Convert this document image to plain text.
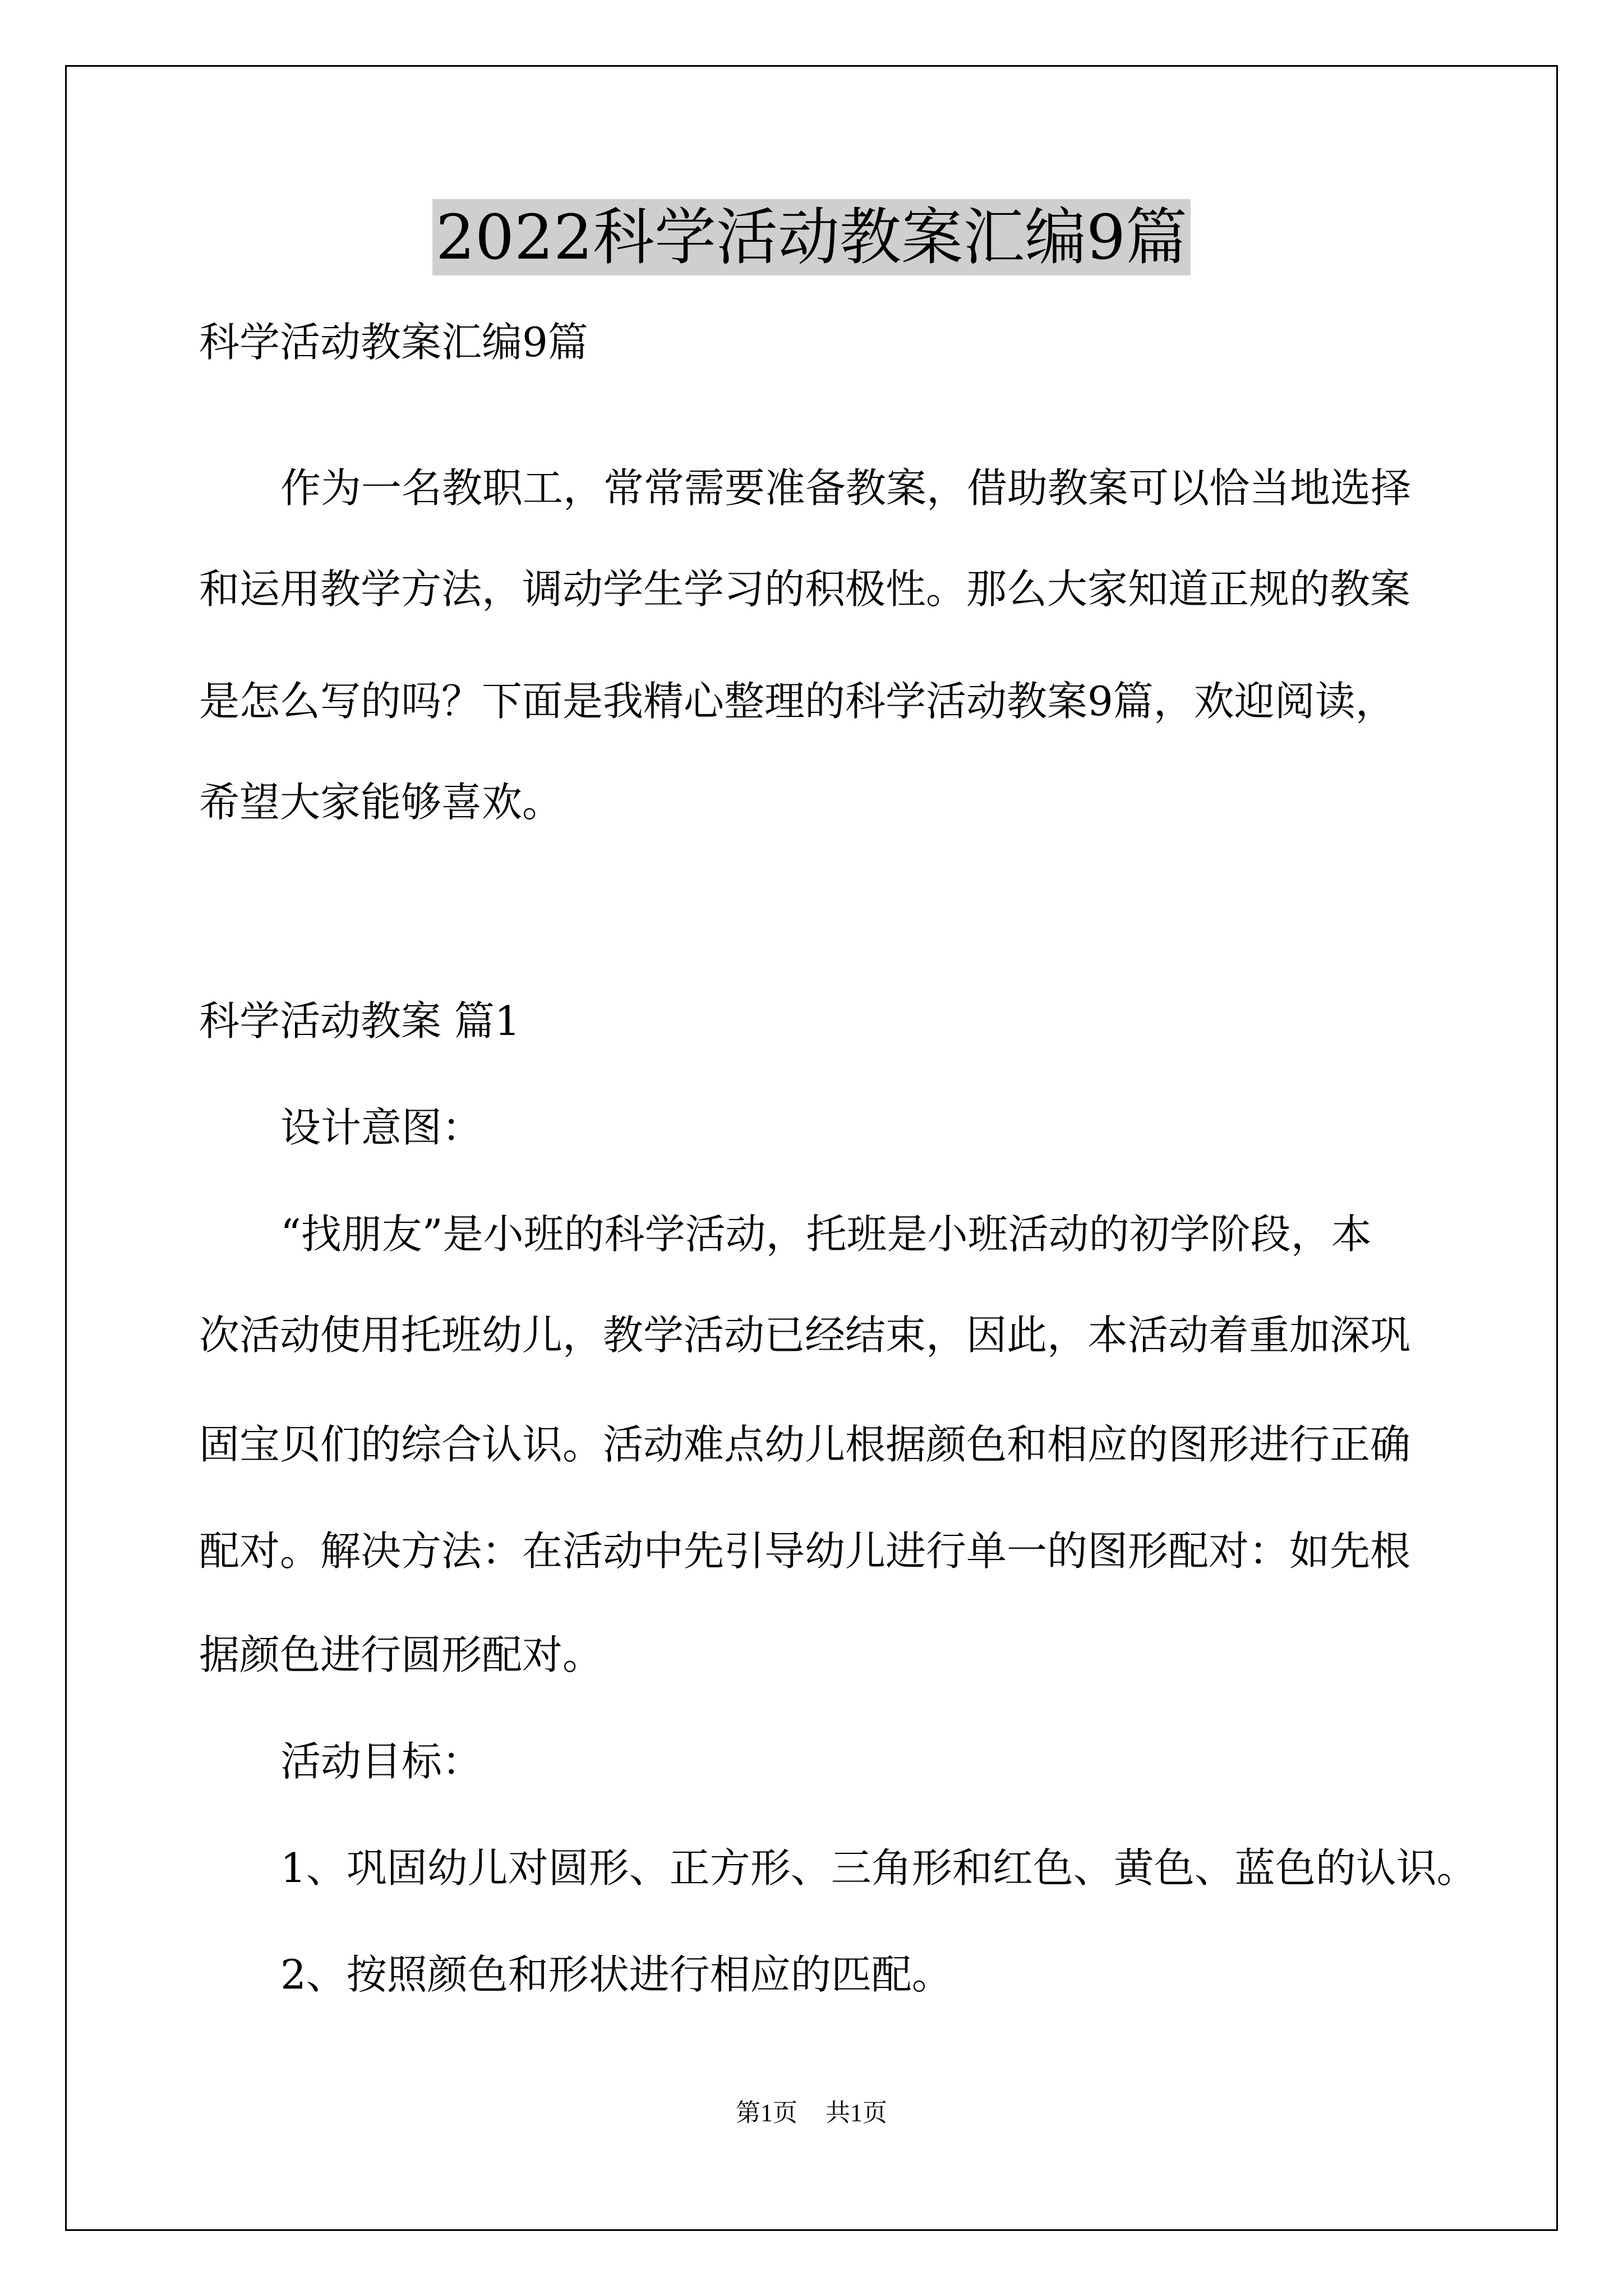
2022科学活动教案汇编9篇
科学活动教案汇编9篇
作为一名教职工，常常需要准备教案，借助教案可以恰当地选择
和运用教学方法，调动学生学习的积极性。那么大家知道正规的教案
是怎么写的吗？下面是我精心整理的科学活动教案9篇，欢迎阅读，
希望大家能够喜欢。
科学活动教案 篇1
设计意图：
“找朋友”是小班的科学活动，托班是小班活动的初学阶段，本
次活动使用托班幼儿，教学活动已经结束，因此，本活动着重加深巩
固宝贝们的综合认识。活动难点幼儿根据颜色和相应的图形进行正确
配对。解决方法：在活动中先引导幼儿进行单一的图形配对：如先根
据颜色进行圆形配对。
活动目标：
1、巩固幼儿对圆形、正方形、三角形和红色、黄色、蓝色的认识。
2、按照颜色和形状进行相应的匹配。
第1页 共1页
